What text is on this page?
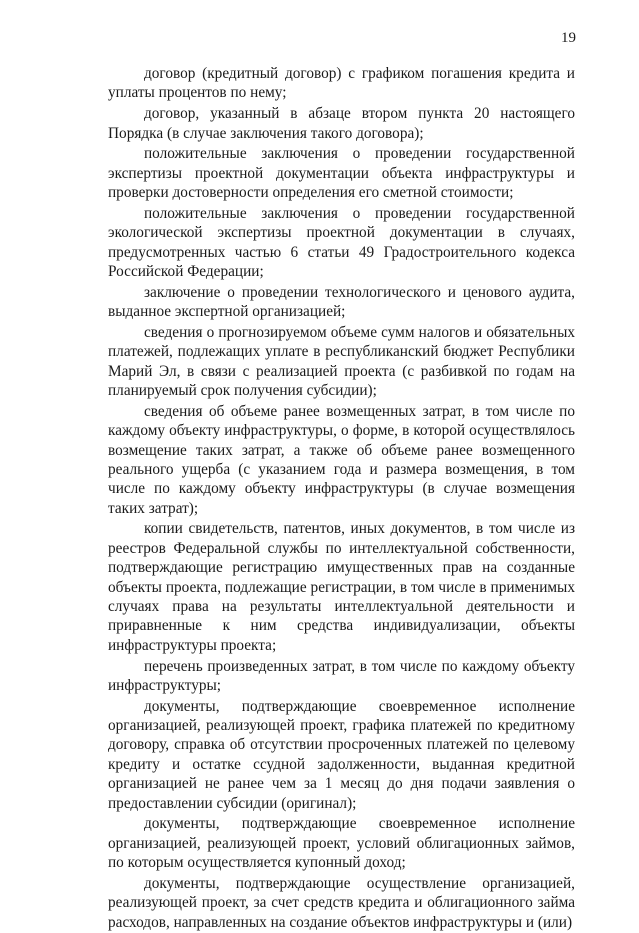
19

договор (кредитный договор) с графиком погашения кредита и уплаты процентов по нему;

договор, указанный в абзаце втором пункта 20 настоящего Порядка (в случае заключения такого договора);

положительные заключения о проведении государственной экспертизы проектной документации объекта инфраструктуры и проверки достоверности определения его сметной стоимости;

положительные заключения о проведении государственной экологической экспертизы проектной документации в случаях, предусмотренных частью 6 статьи 49 Градостроительного кодекса Российской Федерации;

заключение о проведении технологического и ценового аудита, выданное экспертной организацией;

сведения о прогнозируемом объеме сумм налогов и обязательных платежей, подлежащих уплате в республиканский бюджет Республики Марий Эл, в связи с реализацией проекта (с разбивкой по годам на планируемый срок получения субсидии);

сведения об объеме ранее возмещенных затрат, в том числе по каждому объекту инфраструктуры, о форме, в которой осуществлялось возмещение таких затрат, а также об объеме ранее возмещенного реального ущерба (с указанием года и размера возмещения, в том числе по каждому объекту инфраструктуры (в случае возмещения таких затрат);

копии свидетельств, патентов, иных документов, в том числе из реестров Федеральной службы по интеллектуальной собственности, подтверждающие регистрацию имущественных прав на созданные объекты проекта, подлежащие регистрации, в том числе в применимых случаях права на результаты интеллектуальной деятельности и приравненные к ним средства индивидуализации, объекты инфраструктуры проекта;

перечень произведенных затрат, в том числе по каждому объекту инфраструктуры;

документы, подтверждающие своевременное исполнение организацией, реализующей проект, графика платежей по кредитному договору, справка об отсутствии просроченных платежей по целевому кредиту и остатке ссудной задолженности, выданная кредитной организацией не ранее чем за 1 месяц до дня подачи заявления о предоставлении субсидии (оригинал);

документы, подтверждающие своевременное исполнение организацией, реализующей проект, условий облигационных займов, по которым осуществляется купонный доход;

документы, подтверждающие осуществление организацией, реализующей проект, за счет средств кредита и облигационного займа расходов, направленных на создание объектов инфраструктуры и (или)
